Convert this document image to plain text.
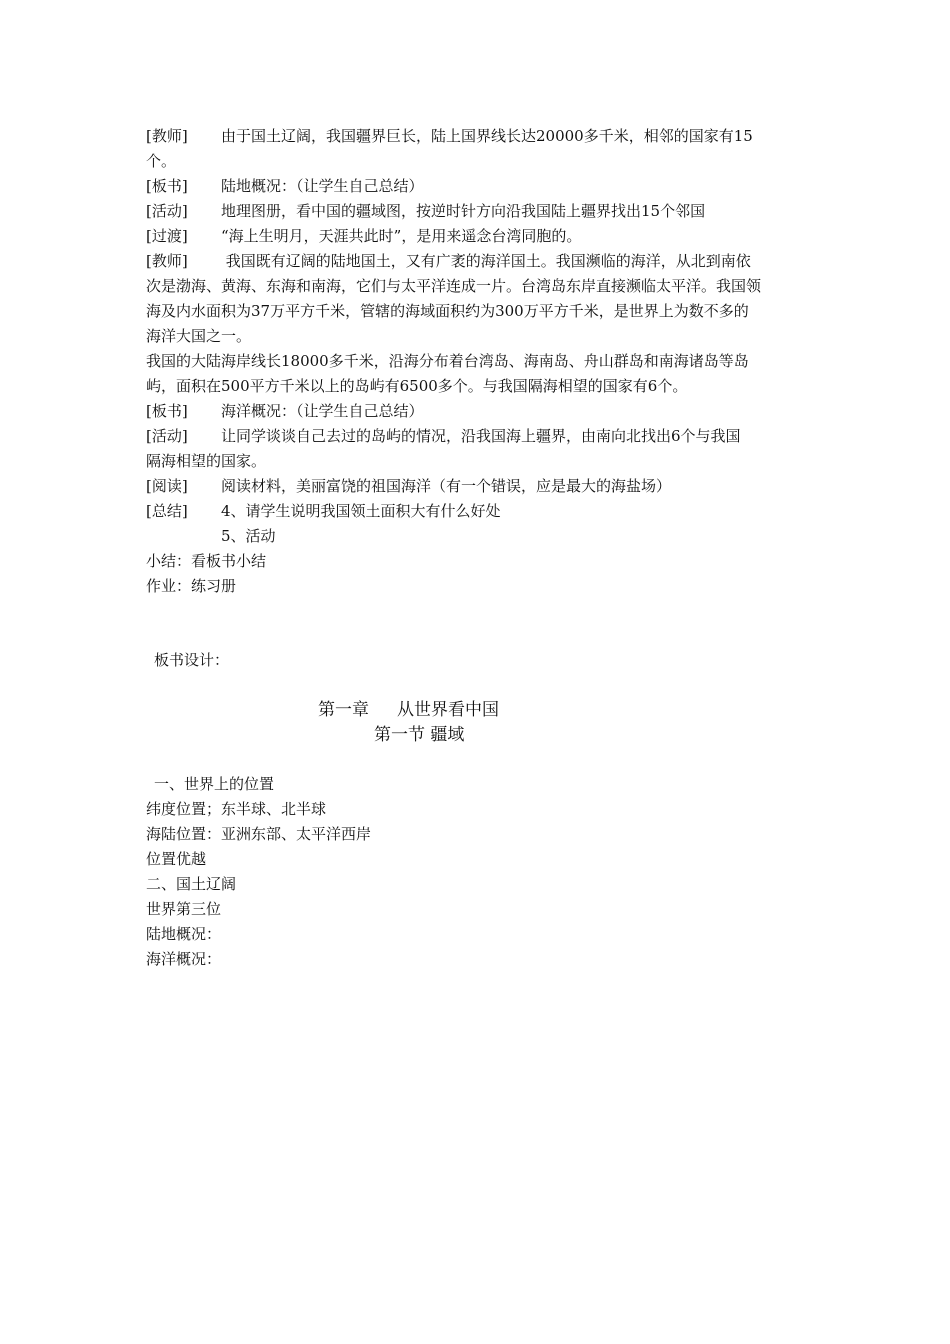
[教师]	由于国土辽阔，我国疆界巨长，陆上国界线长达20000多千米，相邻的国家有15
个。
[板书]	陆地概况：（让学生自己总结）
[活动]	地理图册，看中国的疆域图，按逆时针方向沿我国陆上疆界找出15个邻国
[过渡]	“海上生明月，天涯共此时”，是用来遥念台湾同胞的。
[教师]	我国既有辽阔的陆地国土，又有广袤的海洋国土。我国濒临的海洋，从北到南依
次是渤海、黄海、东海和南海，它们与太平洋连成一片。台湾岛东岸直接濒临太平洋。我国领
海及内水面积为37万平方千米，管辖的海域面积约为300万平方千米，是世界上为数不多的
海洋大国之一。
我国的大陆海岸线长18000多千米，沿海分布着台湾岛、海南岛、舟山群岛和南海诸岛等岛
屿，面积在500平方千米以上的岛屿有6500多个。与我国隔海相望的国家有6个。
[板书]	海洋概况：（让学生自己总结）
[活动]	让同学谈谈自己去过的岛屿的情况，沿我国海上疆界，由南向北找出6个与我国
隔海相望的国家。
[阅读]	阅读材料，美丽富饶的祖国海洋（有一个错误，应是最大的海盐场）
[总结]	4、请学生说明我国领土面积大有什么好处
5、活动
小结：看板书小结
作业：练习册
板书设计：
第一章 从世界看中国
第一节 疆域
一、世界上的位置
纬度位置；东半球、北半球
海陆位置：亚洲东部、太平洋西岸
位置优越
二、国土辽阔
世界第三位
陆地概况：
海洋概况：
